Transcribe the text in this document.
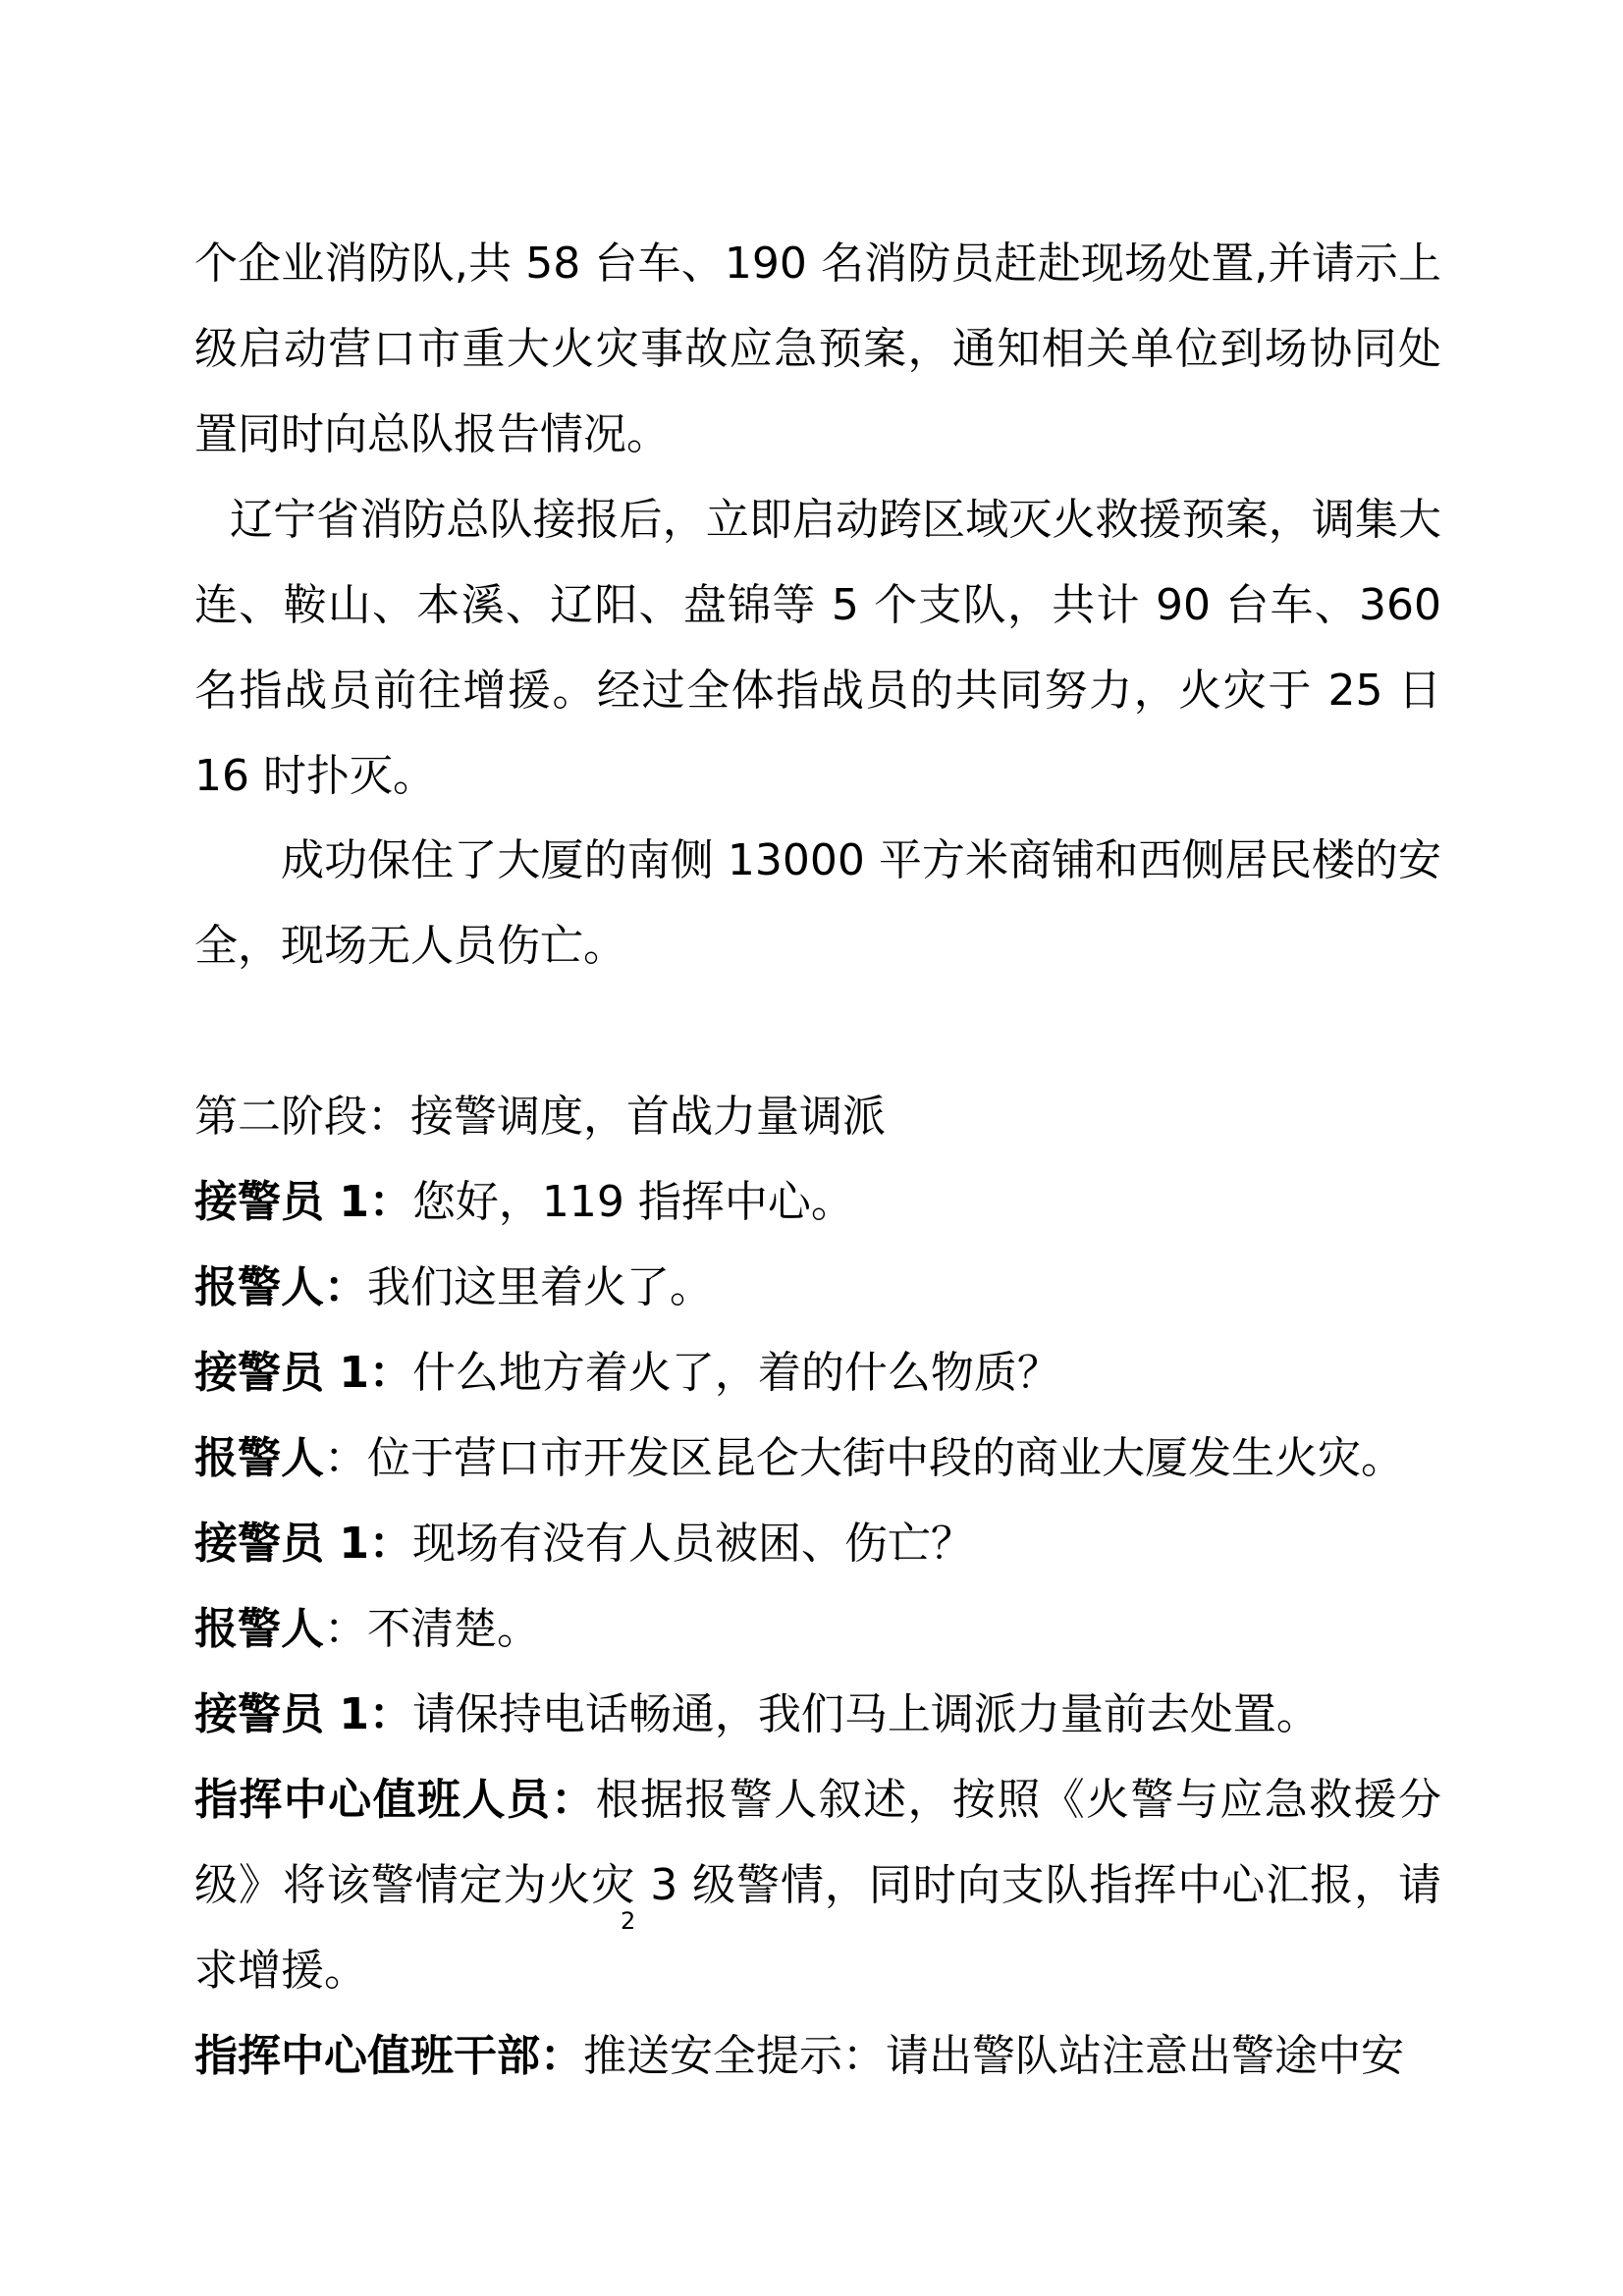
个企业消防队,共 58 台车、190 名消防员赶赴现场处置,并请示上级启动营口市重大火灾事故应急预案，通知相关单位到场协同处置同时向总队报告情况。

辽宁省消防总队接报后，立即启动跨区域灭火救援预案，调集大连、鞍山、本溪、辽阳、盘锦等 5 个支队，共计 90 台车、360 名指战员前往增援。经过全体指战员的共同努力，火灾于 25 日 16 时扑灭。

成功保住了大厦的南侧 13000 平方米商铺和西侧居民楼的安全，现场无人员伤亡。

第二阶段：接警调度，首战力量调派

接警员 1：您好，119 指挥中心。

报警人：我们这里着火了。

接警员 1：什么地方着火了，着的什么物质？

报警人：位于营口市开发区昆仑大街中段的商业大厦发生火灾。

接警员 1：现场有没有人员被困、伤亡？

报警人：不清楚。

接警员 1：请保持电话畅通，我们马上调派力量前去处置。

指挥中心值班人员：根据报警人叙述，按照《火警与应急救援分级》将该警情定为火灾 3 级警情，同时向支队指挥中心汇报，请求增援。

指挥中心值班干部：推送安全提示：请出警队站注意出警途中安

2
